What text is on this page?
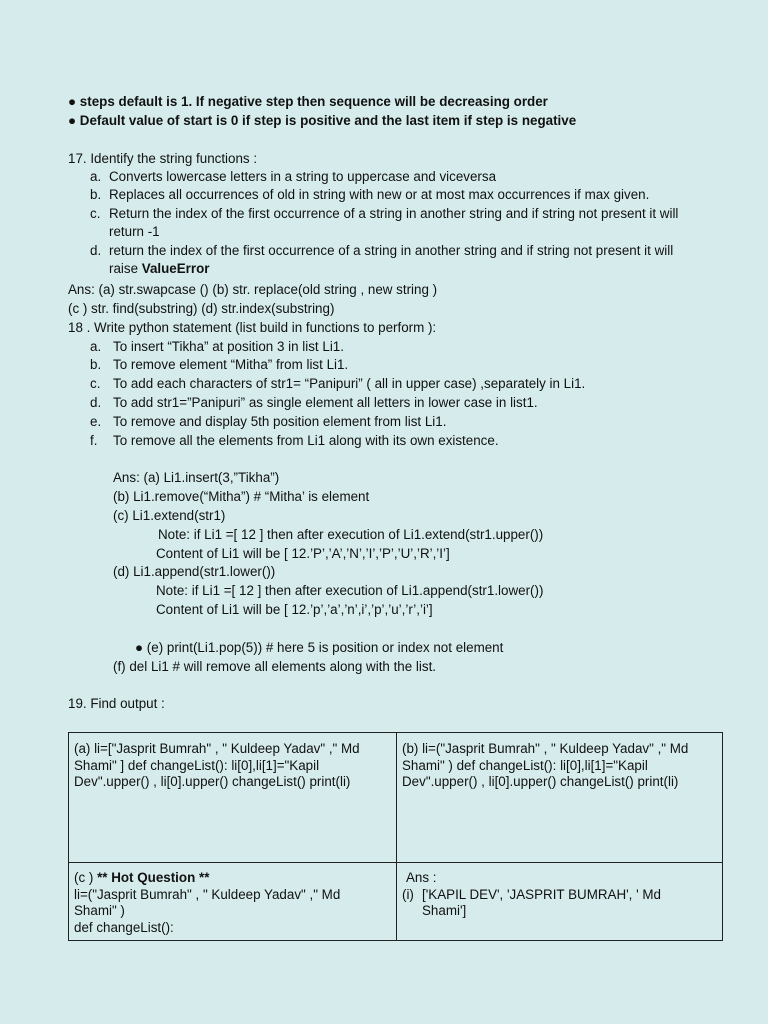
● steps default is 1. If negative step then sequence will be decreasing order
● Default value of start is 0 if step is positive and the last item if step is negative
17. Identify the string functions :
a. Converts lowercase letters in a string to uppercase and viceversa
b. Replaces all occurrences of old in string with new or at most max occurrences if max given.
c. Return the index of the first occurrence of a string in another string and if string not present it will
return -1
d. return the index of the first occurrence of a string in another string and if string not present it will
raise ValueError
Ans: (a) str.swapcase () (b) str. replace(old string , new string )
(c ) str. find(substring) (d) str.index(substring)
18 . Write python statement (list build in functions to perform ):
a. To insert “Tikha” at position 3 in list Li1.
b. To remove element “Mitha” from list Li1.
c. To add each characters of str1= “Panipuri” ( all in upper case) ,separately in Li1.
d. To add str1=”Panipuri” as single element all letters in lower case in list1.
e. To remove and display 5th position element from list Li1.
f. To remove all the elements from Li1 along with its own existence.
Ans: (a) Li1.insert(3,”Tikha”)
(b) Li1.remove(“Mitha”) # “Mitha’ is element
(c) Li1.extend(str1)
Note: if Li1 =[ 12 ] then after execution of Li1.extend(str1.upper())
Content of Li1 will be [ 12.’P’,’A’,’N’,’I’,’P’,’U’,’R’,’I’]
(d) Li1.append(str1.lower())
Note: if Li1 =[ 12 ] then after execution of Li1.append(str1.lower())
Content of Li1 will be [ 12.’p’,’a’,’n’,i’,’p’,’u’,’r’,’i’]
● (e) print(Li1.pop(5)) # here 5 is position or index not element
(f) del Li1 # will remove all elements along with the list.
19. Find output :
(a) li=["Jasprit Bumrah" , " Kuldeep Yadav" ," Md Shami" ] def changeList(): li[0],li[1]="Kapil Dev".upper() , li[0].upper() changeList() print(li)
(b) li=("Jasprit Bumrah" , " Kuldeep Yadav" ," Md Shami" ) def changeList(): li[0],li[1]="Kapil Dev".upper() , li[0].upper() changeList() print(li)
(c ) ** Hot Question **
li=("Jasprit Bumrah" , " Kuldeep Yadav" ," Md Shami" )
def changeList():
Ans :
(i) ['KAPIL DEV', 'JASPRIT BUMRAH', ' Md Shami']
